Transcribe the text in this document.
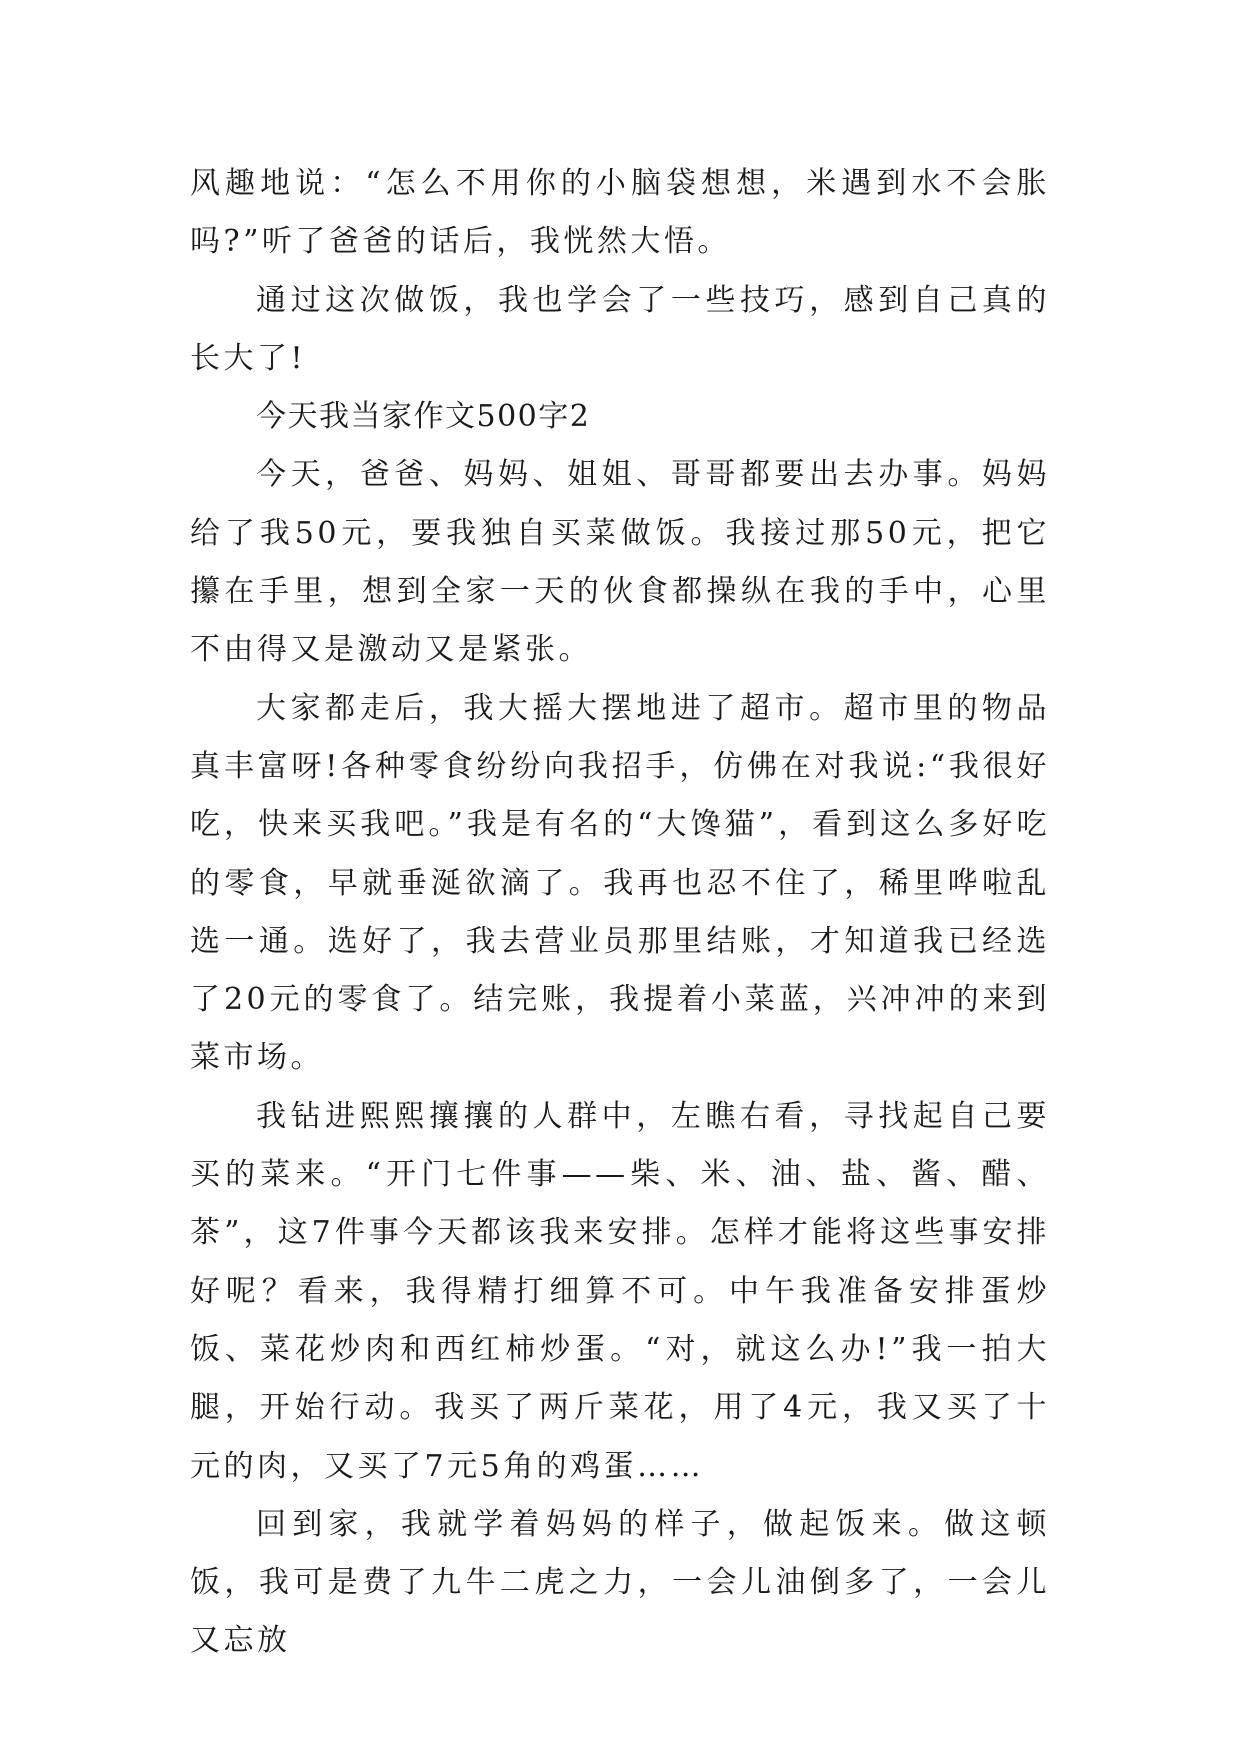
风趣地说：“怎么不用你的小脑袋想想，米遇到水不会胀吗?”听了爸爸的话后，我恍然大悟。

通过这次做饭，我也学会了一些技巧，感到自己真的长大了!

今天我当家作文500字2

今天，爸爸、妈妈、姐姐、哥哥都要出去办事。妈妈给了我50元，要我独自买菜做饭。我接过那50元，把它攥在手里，想到全家一天的伙食都操纵在我的手中，心里不由得又是激动又是紧张。

大家都走后，我大摇大摆地进了超市。超市里的物品真丰富呀!各种零食纷纷向我招手，仿佛在对我说:“我很好吃，快来买我吧。”我是有名的“大馋猫”，看到这么多好吃的零食，早就垂涎欲滴了。我再也忍不住了，稀里哗啦乱选一通。选好了，我去营业员那里结账，才知道我已经选了20元的零食了。结完账，我提着小菜蓝，兴冲冲的来到菜市场。

我钻进熙熙攘攘的人群中，左瞧右看，寻找起自己要买的菜来。“开门七件事——柴、米、油、盐、酱、醋、茶”，这7件事今天都该我来安排。怎样才能将这些事安排好呢？看来，我得精打细算不可。中午我准备安排蛋炒饭、菜花炒肉和西红柿炒蛋。“对，就这么办!”我一拍大腿，开始行动。我买了两斤菜花，用了4元，我又买了十元的肉，又买了7元5角的鸡蛋……

回到家，我就学着妈妈的样子，做起饭来。做这顿饭，我可是费了九牛二虎之力，一会儿油倒多了，一会儿又忘放
